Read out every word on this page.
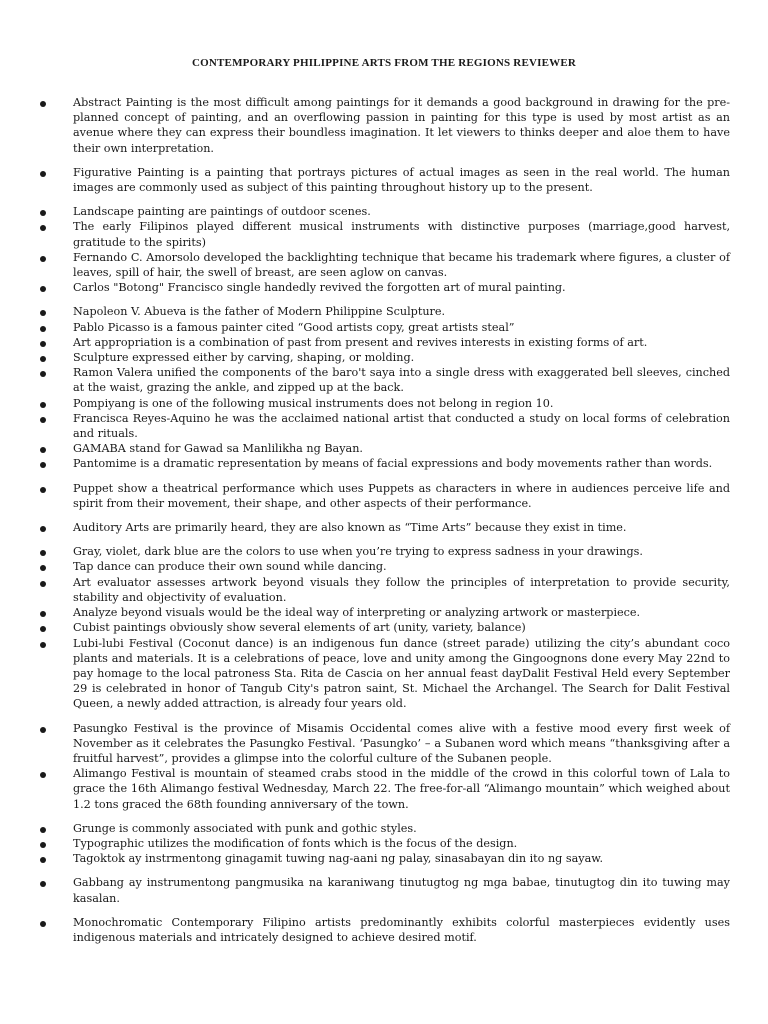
CONTEMPORARY PHILIPPINE ARTS FROM THE REGIONS REVIEWER
Abstract Painting is the most difficult among paintings for it demands a good background in drawing for the pre-planned concept of painting, and an overflowing passion in painting for this type is used by most artist as an avenue where they can express their boundless imagination. It let viewers to thinks deeper and aloe them to have their own interpretation.
Figurative Painting is a painting that portrays pictures of actual images as seen in the real world. The human images are commonly used as subject of this painting throughout history up to the present.
Landscape painting are paintings of outdoor scenes.
The early Filipinos played different musical instruments with distinctive purposes (marriage,good harvest, gratitude to the spirits)
Fernando C. Amorsolo developed the backlighting technique that became his trademark where figures, a cluster of leaves, spill of hair, the swell of breast, are seen aglow on canvas.
Carlos "Botong" Francisco single handedly revived the forgotten art of mural painting.
Napoleon V. Abueva is the father of Modern Philippine Sculpture.
Pablo Picasso is a famous painter cited “Good artists copy, great artists steal”
Art appropriation is a combination of past from present and revives interests in existing forms of art.
Sculpture expressed either by carving, shaping, or molding.
Ramon Valera unified the components of the baro't saya into a single dress with exaggerated bell sleeves, cinched at the waist, grazing the ankle, and zipped up at the back.
Pompiyang is one of the following musical instruments does not belong in region 10.
Francisca Reyes-Aquino he was the acclaimed national artist that conducted a study on local forms of celebration and rituals.
GAMABA stand for Gawad sa Manlilikha ng Bayan.
Pantomime is a dramatic representation by means of facial expressions and body movements rather than words.
Puppet show a theatrical performance which uses Puppets as characters in where in audiences perceive life and spirit from their movement, their shape, and other aspects of their performance.
Auditory Arts are primarily heard, they are also known as “Time Arts” because they exist in time.
Gray, violet, dark blue are the colors to use when you’re trying to express sadness in your drawings.
Tap dance can produce their own sound while dancing.
Art evaluator assesses artwork beyond visuals they follow the principles of interpretation to provide security, stability and objectivity of evaluation.
Analyze beyond visuals would be the ideal way of interpreting or analyzing artwork or masterpiece.
Cubist paintings obviously show several elements of art (unity, variety, balance)
Lubi-lubi Festival (Coconut dance) is an indigenous fun dance (street parade) utilizing the city’s abundant coco plants and materials. It is a celebrations of peace, love and unity among the Gingoognons done every May 22nd to pay homage to the local patroness Sta. Rita de Cascia on her annual feast dayDalit Festival Held every September 29 is celebrated in honor of Tangub City's patron saint, St. Michael the Archangel. The Search for Dalit Festival Queen, a newly added attraction, is already four years old.
Pasungko Festival is the province of Misamis Occidental comes alive with a festive mood every first week of November as it celebrates the Pasungko Festival. ‘Pasungko’ – a Subanen word which means “thanksgiving after a fruitful harvest”, provides a glimpse into the colorful culture of the Subanen people.
Alimango Festival is mountain of steamed crabs stood in the middle of the crowd in this colorful town of Lala to grace the 16th Alimango festival Wednesday, March 22. The free-for-all “Alimango mountain” which weighed about 1.2 tons graced the 68th founding anniversary of the town.
Grunge is commonly associated with punk and gothic styles.
Typographic utilizes the modification of fonts which is the focus of the design.
Tagoktok ay instrmentong ginagamit tuwing nag-aani ng palay, sinasabayan din ito ng sayaw.
Gabbang ay instrumentong pangmusika na karaniwang tinutugtog ng mga babae, tinutugtog din ito tuwing may kasalan.
Monochromatic Contemporary Filipino artists predominantly exhibits colorful masterpieces evidently uses indigenous materials and intricately designed to achieve desired motif.
